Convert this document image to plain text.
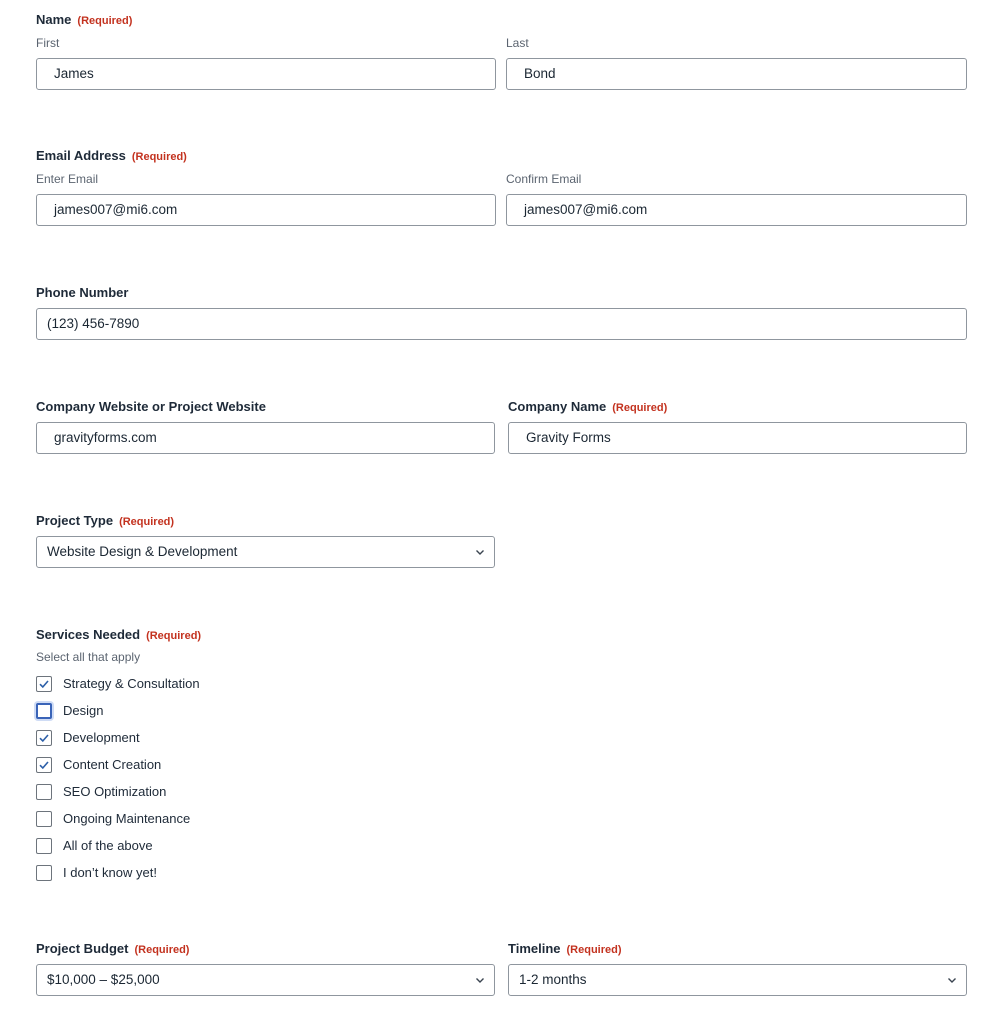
Name (Required)
First	Last
James	Bond
Email Address (Required)
Enter Email	Confirm Email
james007@mi6.com	james007@mi6.com
Phone Number
(123) 456-7890
Company Website or Project Website	Company Name (Required)
gravityforms.com	Gravity Forms
Project Type (Required)
Website Design & Development
Services Needed (Required)
Select all that apply
Strategy & Consultation
Design
Development
Content Creation
SEO Optimization
Ongoing Maintenance
All of the above
I don’t know yet!
Project Budget (Required)	Timeline (Required)
$10,000 – $25,000	1-2 months
